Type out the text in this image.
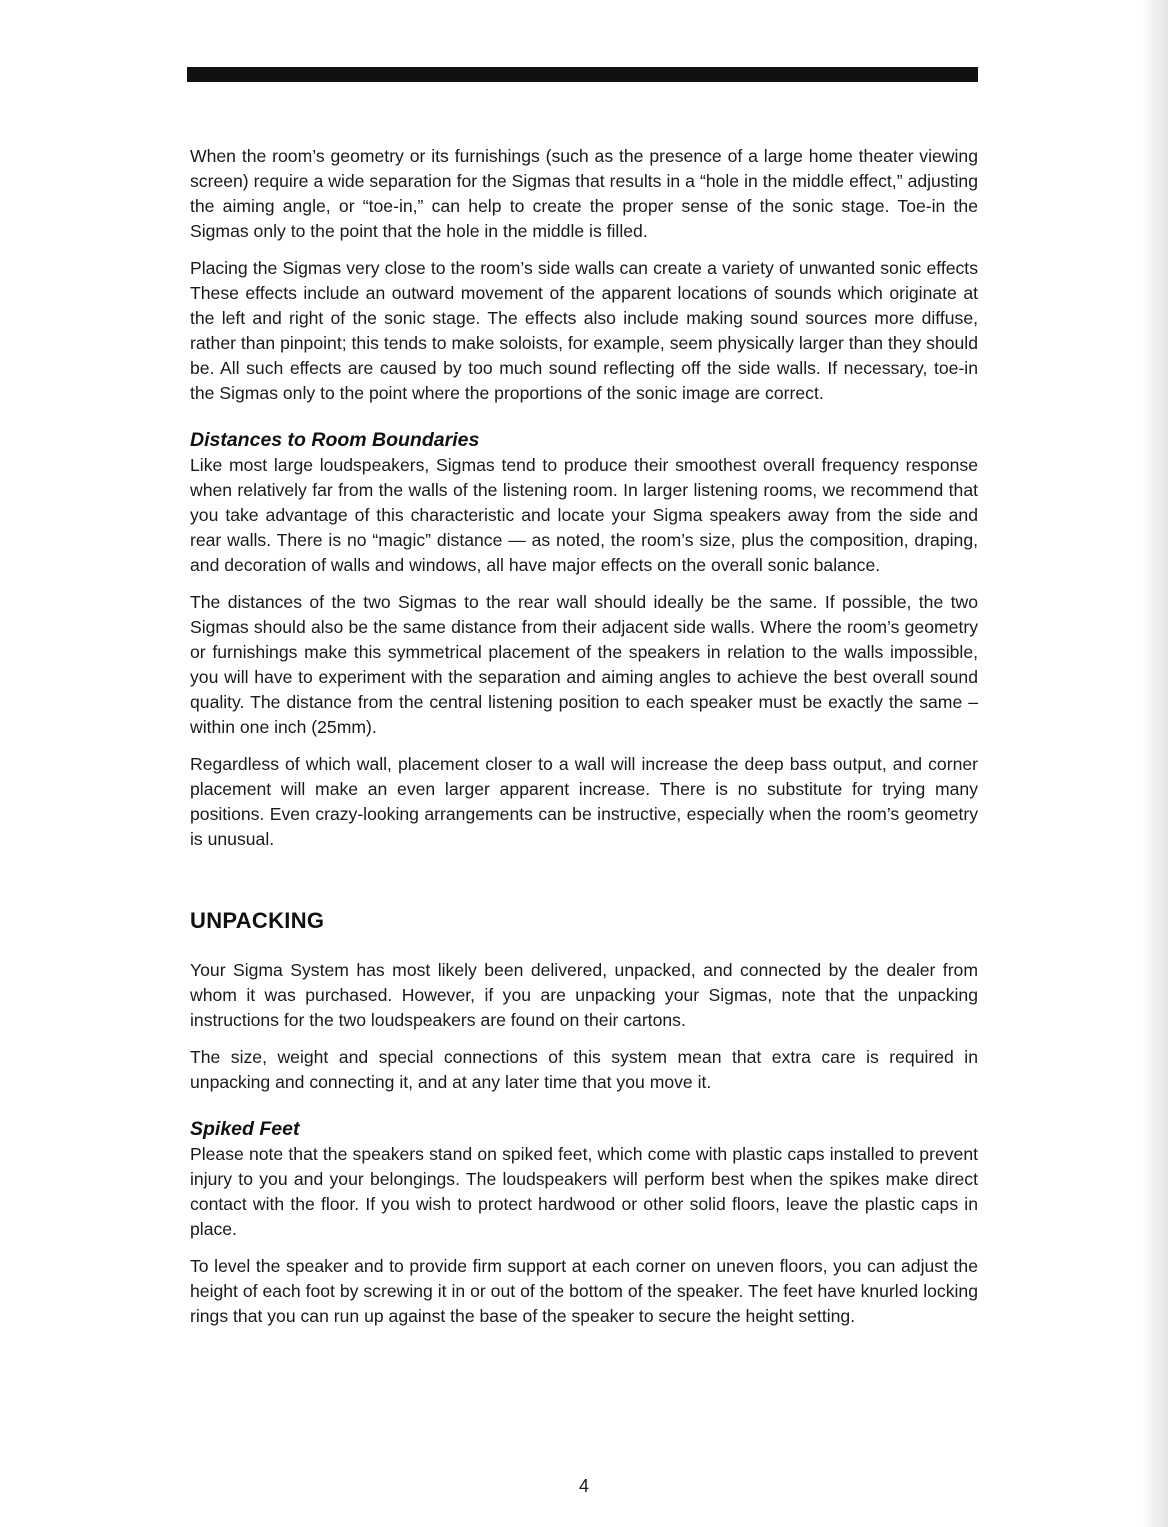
When the room’s geometry or its furnishings (such as the presence of a large home theater viewing screen) require a wide separation for the Sigmas that results in a “hole in the middle effect,” adjusting the aiming angle, or “toe-in,” can help to create the proper sense of the sonic stage. Toe-in the Sigmas only to the point that the hole in the middle is filled.

Placing the Sigmas very close to the room’s side walls can create a variety of unwanted sonic effects These effects include an outward movement of the apparent locations of sounds which originate at the left and right of the sonic stage. The effects also include making sound sources more diffuse, rather than pinpoint; this tends to make soloists, for example, seem physically larger than they should be. All such effects are caused by too much sound reflecting off the side walls. If necessary, toe-in the Sigmas only to the point where the proportions of the sonic image are correct.

Distances to Room Boundaries

Like most large loudspeakers, Sigmas tend to produce their smoothest overall frequency response when relatively far from the walls of the listening room. In larger listening rooms, we recommend that you take advantage of this characteristic and locate your Sigma speakers away from the side and rear walls. There is no “magic” distance — as noted, the room’s size, plus the composition, draping, and decoration of walls and windows, all have major effects on the overall sonic balance.

The distances of the two Sigmas to the rear wall should ideally be the same. If possible, the two Sigmas should also be the same distance from their adjacent side walls. Where the room’s geometry or furnishings make this symmetrical placement of the speakers in relation to the walls impossible, you will have to experiment with the separation and aiming angles to achieve the best overall sound quality. The distance from the central listening position to each speaker must be exactly the same – within one inch (25mm).

Regardless of which wall, placement closer to a wall will increase the deep bass output, and corner placement will make an even larger apparent increase. There is no substitute for trying many positions. Even crazy-looking arrangements can be instructive, especially when the room’s geometry is unusual.

UNPACKING

Your Sigma System has most likely been delivered, unpacked, and connected by the dealer from whom it was purchased. However, if you are unpacking your Sigmas, note that the unpacking instructions for the two loudspeakers are found on their cartons.

The size, weight and special connections of this system mean that extra care is required in unpacking and connecting it, and at any later time that you move it.

Spiked Feet

Please note that the speakers stand on spiked feet, which come with plastic caps installed to prevent injury to you and your belongings. The loudspeakers will perform best when the spikes make direct contact with the floor. If you wish to protect hardwood or other solid floors, leave the plastic caps in place.

To level the speaker and to provide firm support at each corner on uneven floors, you can adjust the height of each foot by screwing it in or out of the bottom of the speaker. The feet have knurled locking rings that you can run up against the base of the speaker to secure the height setting.

4
